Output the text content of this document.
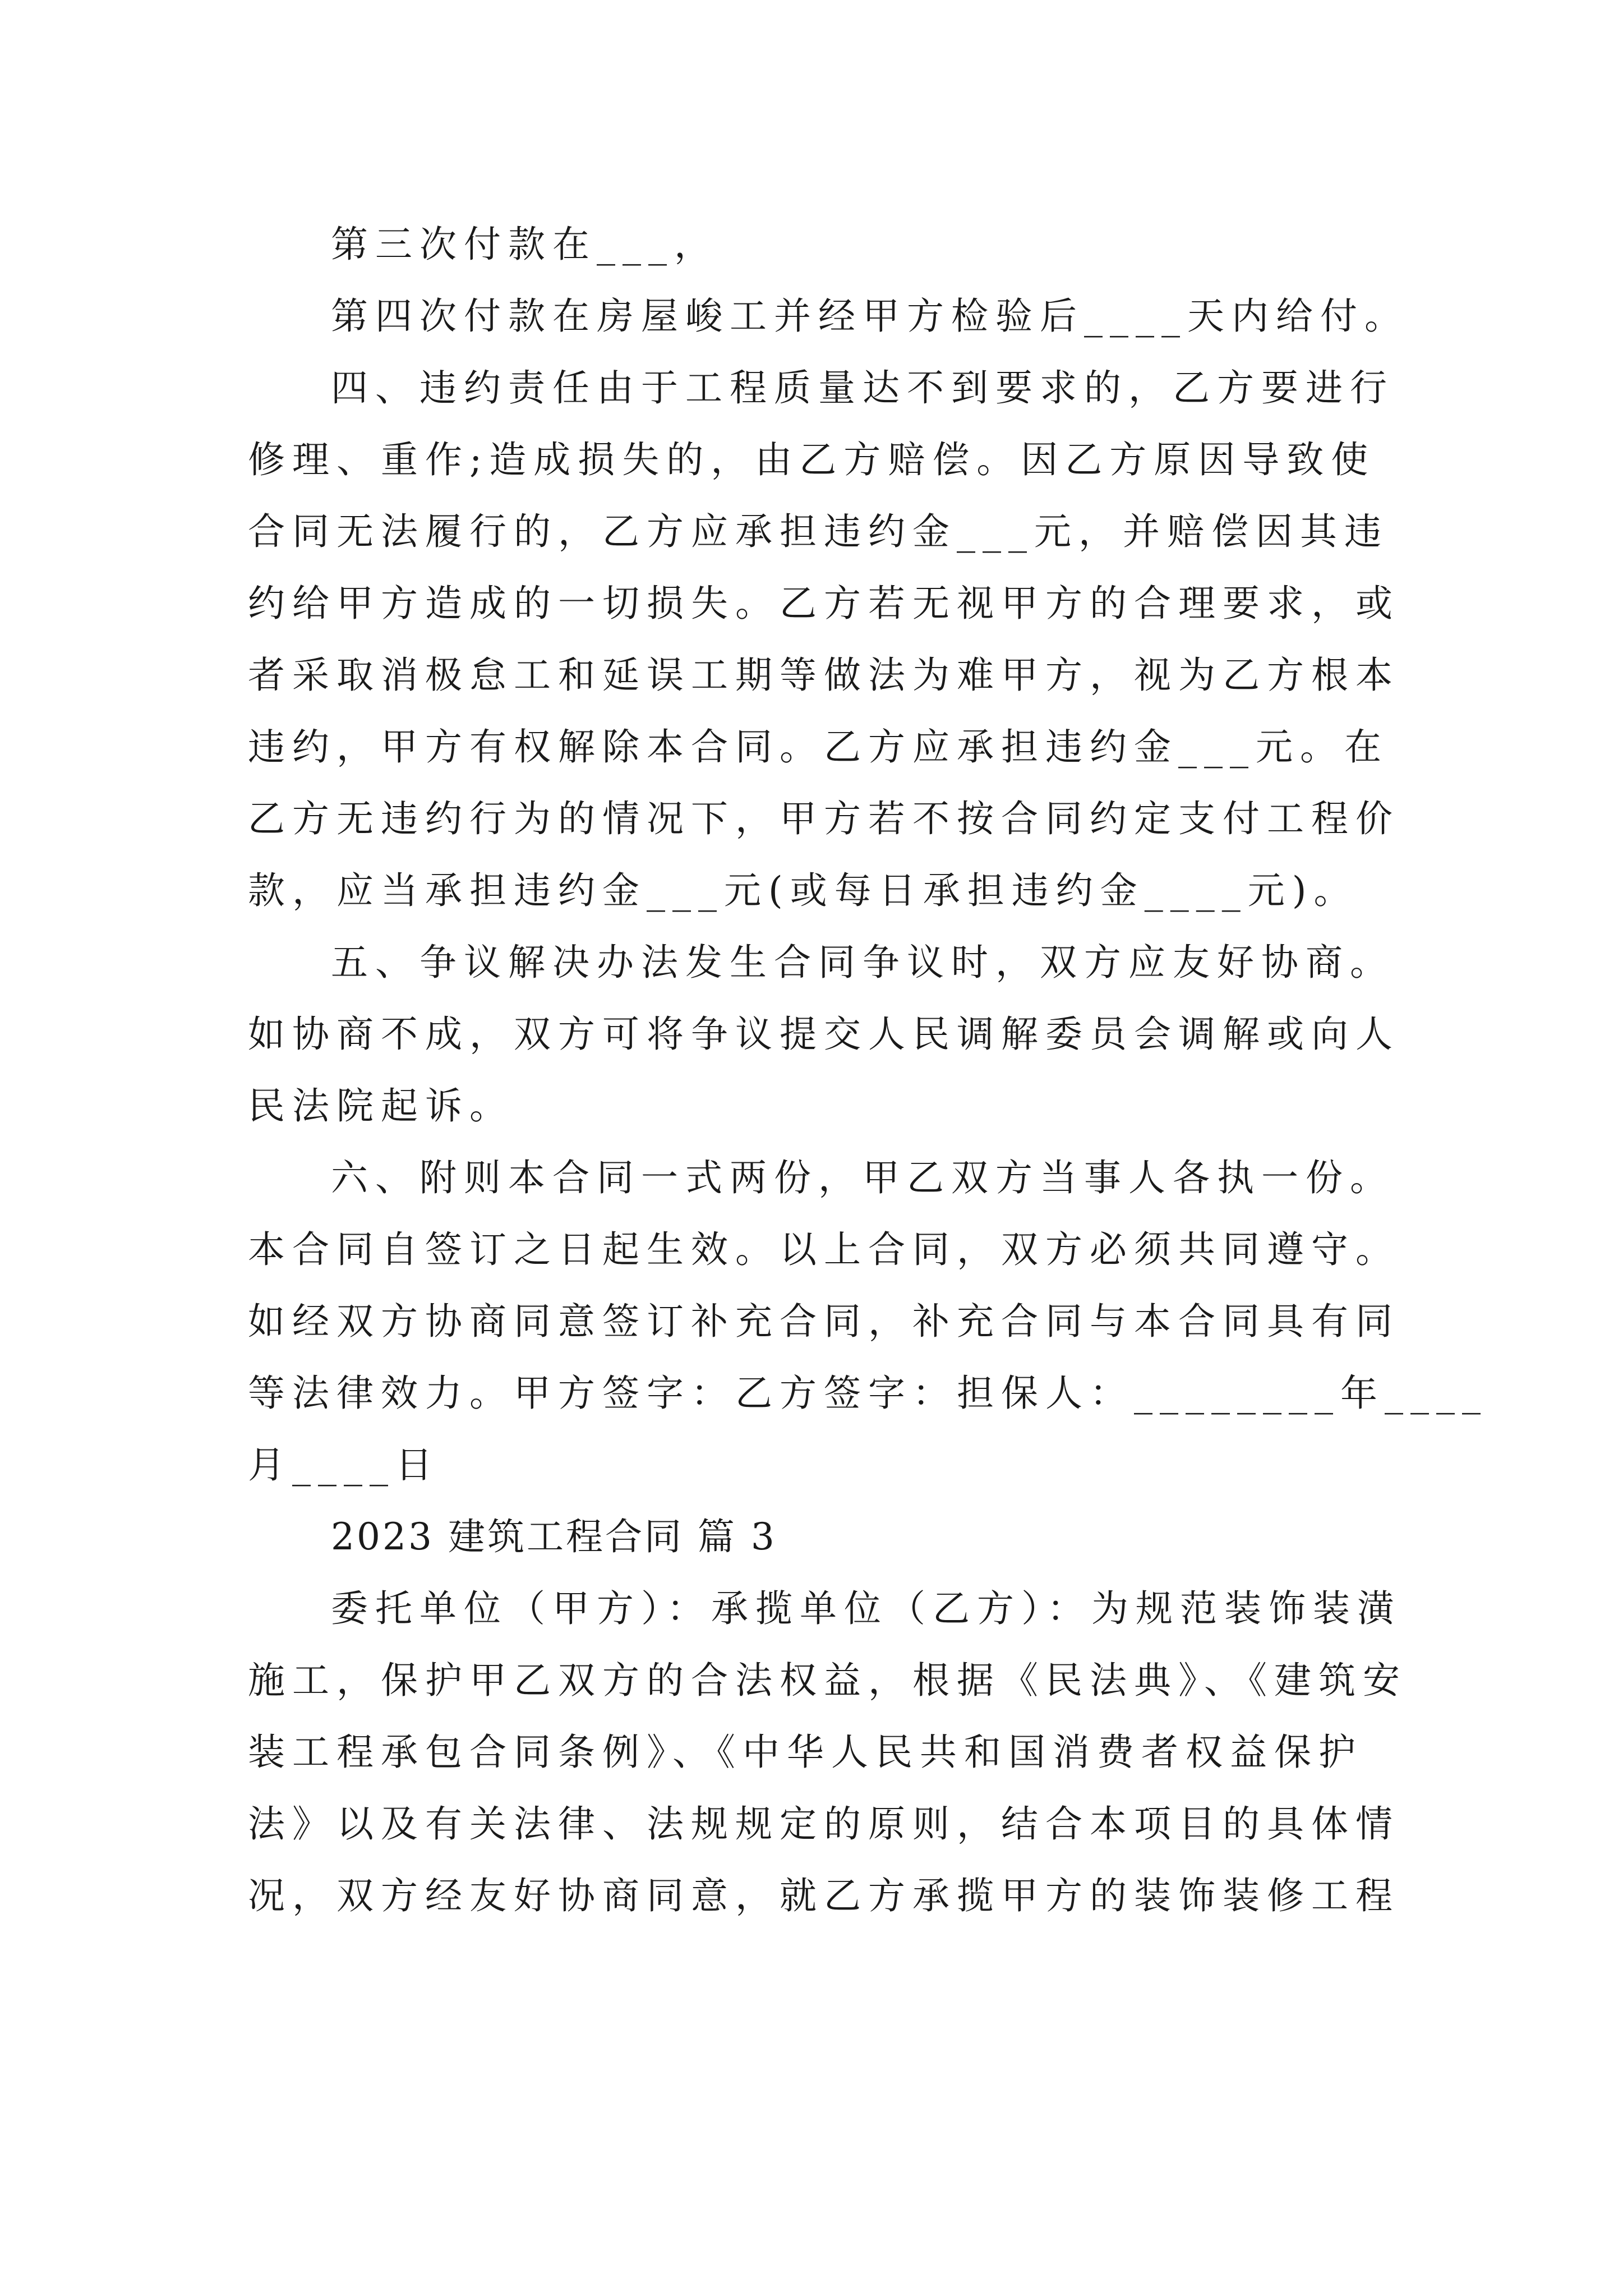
第三次付款在___，
第四次付款在房屋峻工并经甲方检验后____天内给付。
四、违约责任由于工程质量达不到要求的，乙方要进行
修理、重作;造成损失的，由乙方赔偿。因乙方原因导致使
合同无法履行的，乙方应承担违约金___元，并赔偿因其违
约给甲方造成的一切损失。乙方若无视甲方的合理要求，或
者采取消极怠工和延误工期等做法为难甲方，视为乙方根本
违约，甲方有权解除本合同。乙方应承担违约金___元。在
乙方无违约行为的情况下，甲方若不按合同约定支付工程价
款，应当承担违约金___元(或每日承担违约金____元)。
五、争议解决办法发生合同争议时，双方应友好协商。
如协商不成，双方可将争议提交人民调解委员会调解或向人
民法院起诉。
六、附则本合同一式两份，甲乙双方当事人各执一份。
本合同自签订之日起生效。以上合同，双方必须共同遵守。
如经双方协商同意签订补充合同，补充合同与本合同具有同
等法律效力。甲方签字：乙方签字：担保人：________年____
月____日
2023 建筑工程合同 篇 3
委托单位（甲方）：承揽单位（乙方）：为规范装饰装潢
施工，保护甲乙双方的合法权益，根据《民法典》、《建筑安
装工程承包合同条例》、《中华人民共和国消费者权益保护
法》以及有关法律、法规规定的原则，结合本项目的具体情
况，双方经友好协商同意，就乙方承揽甲方的装饰装修工程
